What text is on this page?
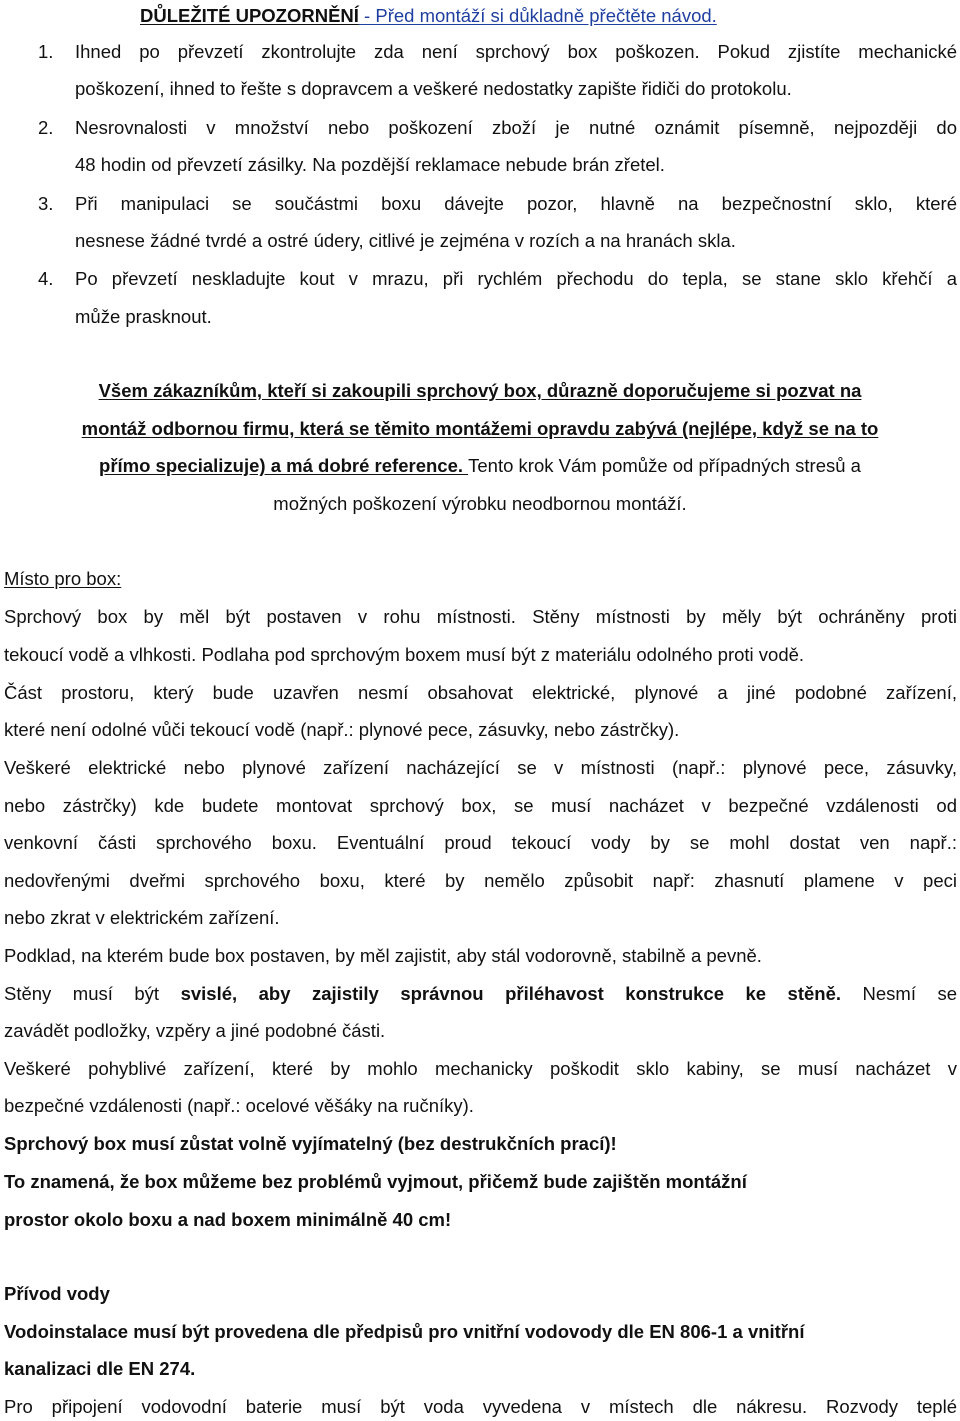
DŮLEŽITÉ UPOZORNĚNÍ - Před montáží si důkladně přečtěte návod.
1. Ihned po převzetí zkontrolujte zda není sprchový box poškozen. Pokud zjistíte mechanické
poškození, ihned to řešte s dopravcem a veškeré nedostatky zapište řidiči do protokolu.
2. Nesrovnalosti v množství nebo poškození zboží je nutné oznámit písemně, nejpozději do
48 hodin od převzetí zásilky. Na pozdější reklamace nebude brán zřetel.
3. Při manipulaci se součástmi boxu dávejte pozor, hlavně na bezpečnostní sklo, které
nesnese žádné tvrdé a ostré údery, citlivé je zejména v rozích a na hranách skla.
4. Po převzetí neskladujte kout v mrazu, při rychlém přechodu do tepla, se stane sklo křehčí a
může prasknout.
Všem zákazníkům, kteří si zakoupili sprchový box, důrazně doporučujeme si pozvat na
montáž odbornou firmu, která se těmito montážemi opravdu zabývá (nejlépe, když se na to
přímo specializuje) a má dobré reference. Tento krok Vám pomůže od případných stresů a
možných poškození výrobku neodbornou montáží.
Místo pro box:
Sprchový box by měl být postaven v rohu místnosti. Stěny místnosti by měly být ochráněny proti
tekoucí vodě a vlhkosti. Podlaha pod sprchovým boxem musí být z materiálu odolného proti vodě.
Část prostoru, který bude uzavřen nesmí obsahovat elektrické, plynové a jiné podobné zařízení,
které není odolné vůči tekoucí vodě (např.: plynové pece, zásuvky, nebo zástrčky).
Veškeré elektrické nebo plynové zařízení nacházející se v místnosti (např.: plynové pece, zásuvky,
nebo zástrčky) kde budete montovat sprchový box, se musí nacházet v bezpečné vzdálenosti od
venkovní části sprchového boxu. Eventuální proud tekoucí vody by se mohl dostat ven např.:
nedovřenými dveřmi sprchového boxu, které by nemělo způsobit např: zhasnutí plamene v peci
nebo zkrat v elektrickém zařízení.
Podklad, na kterém bude box postaven, by měl zajistit, aby stál vodorovně, stabilně a pevně.
Stěny musí být svislé, aby zajistily správnou přiléhavost konstrukce ke stěně. Nesmí se
zavádět podložky, vzpěry a jiné podobné části.
Veškeré pohyblivé zařízení, které by mohlo mechanicky poškodit sklo kabiny, se musí nacházet v
bezpečné vzdálenosti (např.: ocelové věšáky na ručníky).
Sprchový box musí zůstat volně vyjímatelný (bez destrukčních prací)!
To znamená, že box můžeme bez problémů vyjmout, přičemž bude zajištěn montážní
prostor okolo boxu a nad boxem minimálně 40 cm!
Přívod vody
Vodoinstalace musí být provedena dle předpisů pro vnitřní vodovody dle EN 806-1 a vnitřní
kanalizaci dle EN 274.
Pro připojení vodovodní baterie musí být voda vyvedena v místech dle nákresu. Rozvody teplé
